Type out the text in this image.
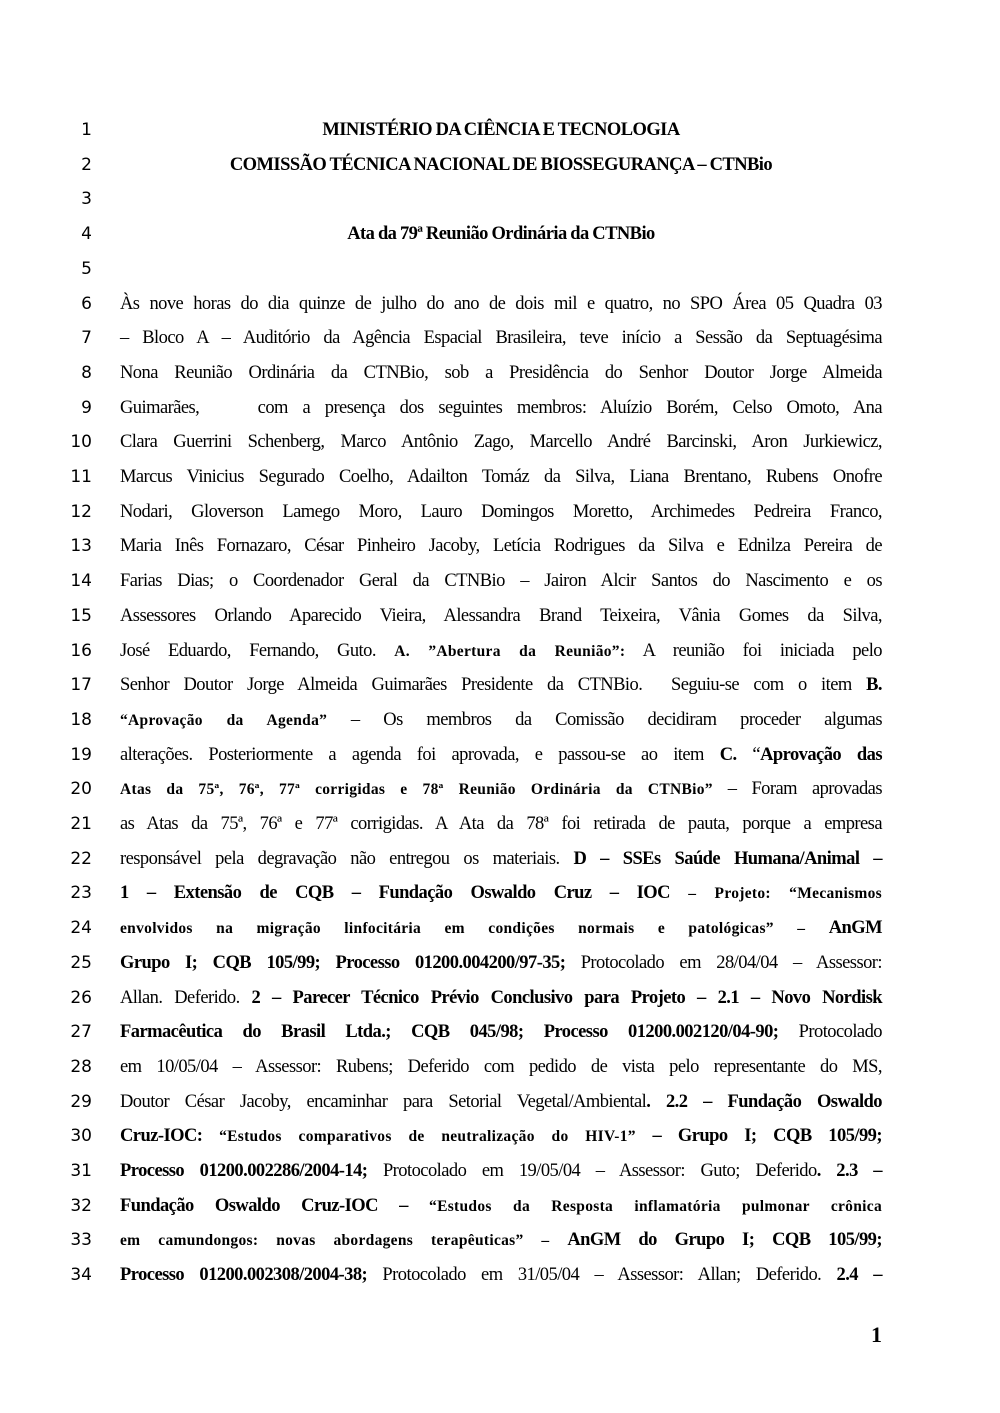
1	MINISTÉRIO DA CIÊNCIA E TECNOLOGIA
2	COMISSÃO TÉCNICA NACIONAL DE BIOSSEGURANÇA – CTNBio
3
4	Ata da 79ª Reunião Ordinária da CTNBio
5
6 Às nove horas do dia quinze de julho do ano de dois mil e quatro, no SPO Área 05 Quadra 03
7 – Bloco A – Auditório da Agência Espacial Brasileira, teve início a Sessão da Septuagésima
8 Nona Reunião Ordinária da CTNBio, sob a Presidência do Senhor Doutor Jorge Almeida
9 Guimarães,    com a presença dos seguintes membros: Aluízio Borém, Celso Omoto, Ana
10 Clara Guerrini Schenberg, Marco Antônio Zago, Marcello André Barcinski, Aron Jurkiewicz,
11 Marcus Vinicius Segurado Coelho, Adailton Tomáz da Silva, Liana Brentano, Rubens Onofre
12 Nodari, Gloverson Lamego Moro, Lauro Domingos Moretto, Archimedes Pedreira Franco,
13 Maria Inês Fornazaro, César Pinheiro Jacoby, Letícia Rodrigues da Silva e Ednilza Pereira de
14 Farias Dias; o Coordenador Geral da CTNBio – Jairon Alcir Santos do Nascimento e os
15 Assessores Orlando Aparecido Vieira, Alessandra Brand Teixeira, Vânia Gomes da Silva,
16 José Eduardo, Fernando, Guto. A. ”Abertura da Reunião”: A reunião foi iniciada pelo
17 Senhor Doutor Jorge Almeida Guimarães Presidente da CTNBio.  Seguiu-se com o item B.
18 “Aprovação da Agenda” – Os membros da Comissão decidiram proceder algumas
19 alterações. Posteriormente a agenda foi aprovada, e passou-se ao item C. “Aprovação das
20 Atas da 75ª, 76ª, 77ª corrigidas e 78ª Reunião Ordinária da CTNBio” – Foram aprovadas
21 as Atas da 75ª, 76ª e 77ª corrigidas. A Ata da 78ª foi retirada de pauta, porque a empresa
22 responsável pela degravação não entregou os materiais. D – SSEs Saúde Humana/Animal –
23 1 – Extensão de CQB – Fundação Oswaldo Cruz – IOC – Projeto: “Mecanismos
24 envolvidos na migração linfocitária em condições normais e patológicas” – AnGM
25 Grupo I; CQB 105/99; Processo 01200.004200/97-35; Protocolado em 28/04/04 – Assessor:
26 Allan. Deferido. 2 – Parecer Técnico Prévio Conclusivo para Projeto – 2.1 – Novo Nordisk
27 Farmacêutica do Brasil Ltda.; CQB 045/98; Processo 01200.002120/04-90; Protocolado
28 em 10/05/04 – Assessor: Rubens; Deferido com pedido de vista pelo representante do MS,
29 Doutor César Jacoby, encaminhar para Setorial Vegetal/Ambiental. 2.2 – Fundação Oswaldo
30 Cruz-IOC: “Estudos comparativos de neutralização do HIV-1” – Grupo I; CQB 105/99;
31 Processo 01200.002286/2004-14; Protocolado em 19/05/04 – Assessor: Guto; Deferido. 2.3 –
32 Fundação Oswaldo Cruz-IOC – “Estudos da Resposta inflamatória pulmonar crônica
33 em camundongos: novas abordagens terapêuticas” – AnGM do Grupo I; CQB 105/99;
34 Processo 01200.002308/2004-38; Protocolado em 31/05/04 – Assessor: Allan; Deferido. 2.4 –
1
